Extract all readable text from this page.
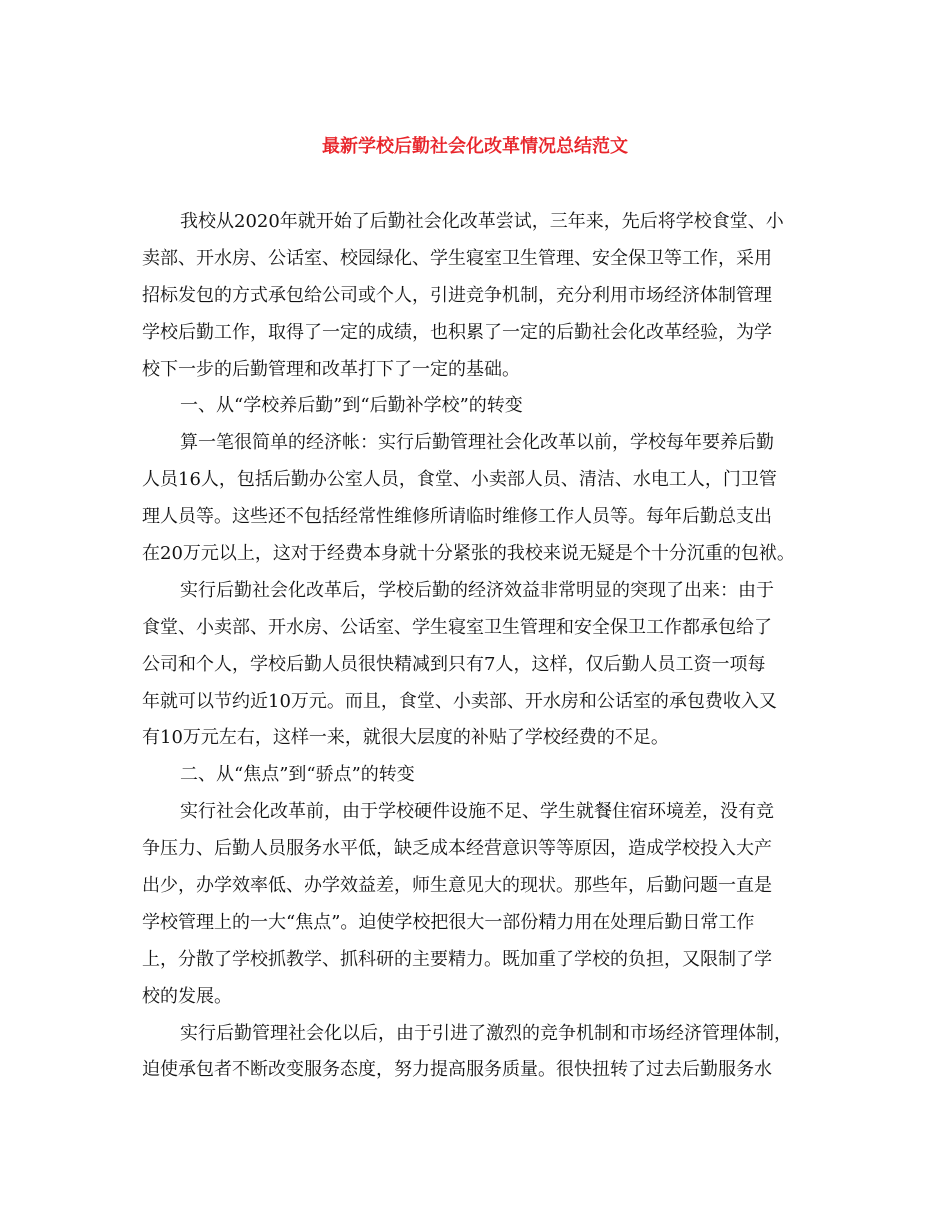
最新学校后勤社会化改革情况总结范文
我校从2020年就开始了后勤社会化改革尝试，三年来，先后将学校食堂、小
卖部、开水房、公话室、校园绿化、学生寝室卫生管理、安全保卫等工作，采用
招标发包的方式承包给公司或个人，引进竞争机制，充分利用市场经济体制管理
学校后勤工作，取得了一定的成绩，也积累了一定的后勤社会化改革经验，为学
校下一步的后勤管理和改革打下了一定的基础。
一、从“学校养后勤”到“后勤补学校”的转变
算一笔很简单的经济帐：实行后勤管理社会化改革以前，学校每年要养后勤
人员16人，包括后勤办公室人员，食堂、小卖部人员、清洁、水电工人，门卫管
理人员等。这些还不包括经常性维修所请临时维修工作人员等。每年后勤总支出
在20万元以上，这对于经费本身就十分紧张的我校来说无疑是个十分沉重的包袱。
实行后勤社会化改革后，学校后勤的经济效益非常明显的突现了出来：由于
食堂、小卖部、开水房、公话室、学生寝室卫生管理和安全保卫工作都承包给了
公司和个人，学校后勤人员很快精减到只有7人，这样，仅后勤人员工资一项每
年就可以节约近10万元。而且，食堂、小卖部、开水房和公话室的承包费收入又
有10万元左右，这样一来，就很大层度的补贴了学校经费的不足。
二、从“焦点”到“骄点”的转变
实行社会化改革前，由于学校硬件设施不足、学生就餐住宿环境差，没有竞
争压力、后勤人员服务水平低，缺乏成本经营意识等等原因，造成学校投入大产
出少，办学效率低、办学效益差，师生意见大的现状。那些年，后勤问题一直是
学校管理上的一大“焦点”。迫使学校把很大一部份精力用在处理后勤日常工作
上，分散了学校抓教学、抓科研的主要精力。既加重了学校的负担，又限制了学
校的发展。
实行后勤管理社会化以后，由于引进了激烈的竞争机制和市场经济管理体制，
迫使承包者不断改变服务态度，努力提高服务质量。很快扭转了过去后勤服务水
